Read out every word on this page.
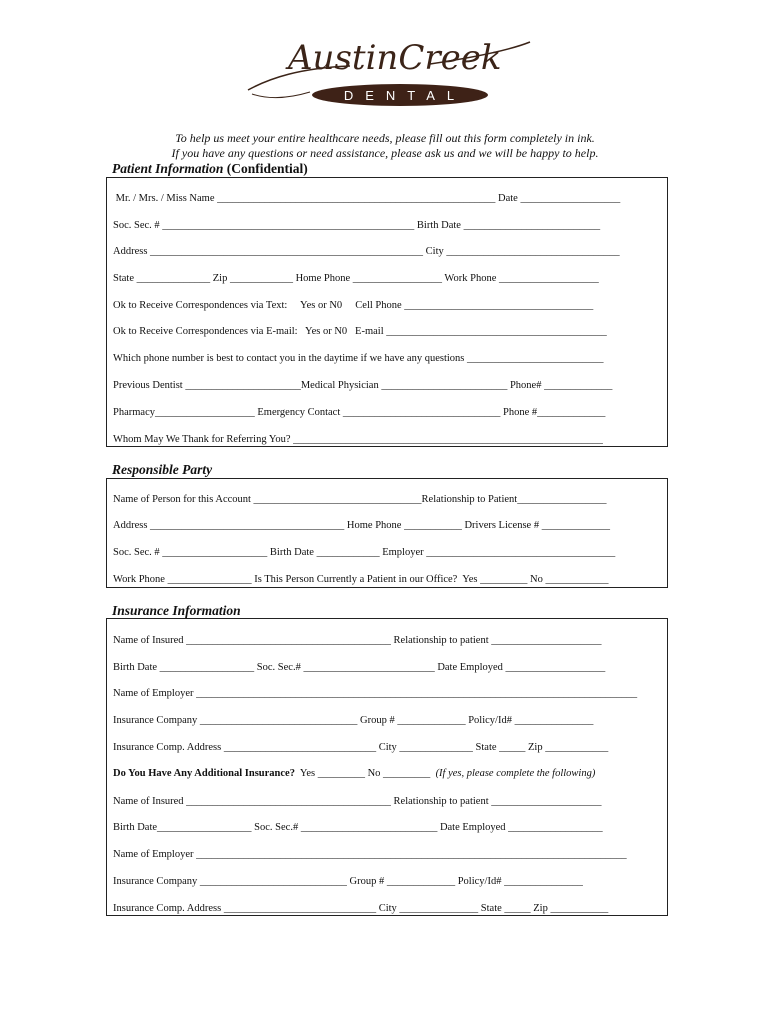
AustinCreek
DENTAL
To help us meet your entire healthcare needs, please fill out this form completely in ink.
If you have any questions or need assistance, please ask us and we will be happy to help.
Patient Information (Confidential)
Mr. / Mrs. / Miss Name _____________________________________________________ Date ___________________
Soc. Sec. # ________________________________________________ Birth Date __________________________
Address ____________________________________________________ City _________________________________
State ______________ Zip ____________ Home Phone _________________ Work Phone ___________________
Ok to Receive Correspondences via Text:     Yes or N0     Cell Phone ____________________________________
Ok to Receive Correspondences via E-mail:   Yes or N0   E-mail __________________________________________
Which phone number is best to contact you in the daytime if we have any questions __________________________
Previous Dentist ______________________Medical Physician ________________________ Phone# _____________
Pharmacy___________________ Emergency Contact ______________________________ Phone #_____________
Whom May We Thank for Referring You? ___________________________________________________________
Responsible Party
Name of Person for this Account ________________________________Relationship to Patient_________________
Address _____________________________________ Home Phone ___________ Drivers License # _____________
Soc. Sec. # ____________________ Birth Date ____________ Employer ____________________________________
Work Phone ________________ Is This Person Currently a Patient in our Office?  Yes _________ No ____________
Insurance Information
Name of Insured _______________________________________ Relationship to patient _____________________
Birth Date __________________ Soc. Sec.# _________________________ Date Employed ___________________
Name of Employer ____________________________________________________________________________________
Insurance Company ______________________________ Group # _____________ Policy/Id# _______________
Insurance Comp. Address _____________________________ City ______________ State _____ Zip ____________
Do You Have Any Additional Insurance?  Yes _________ No _________  (If yes, please complete the following)
Name of Insured _______________________________________ Relationship to patient _____________________
Birth Date__________________ Soc. Sec.# __________________________ Date Employed __________________
Name of Employer __________________________________________________________________________________
Insurance Company ____________________________ Group # _____________ Policy/Id# _______________
Insurance Comp. Address _____________________________ City _______________ State _____ Zip ___________
